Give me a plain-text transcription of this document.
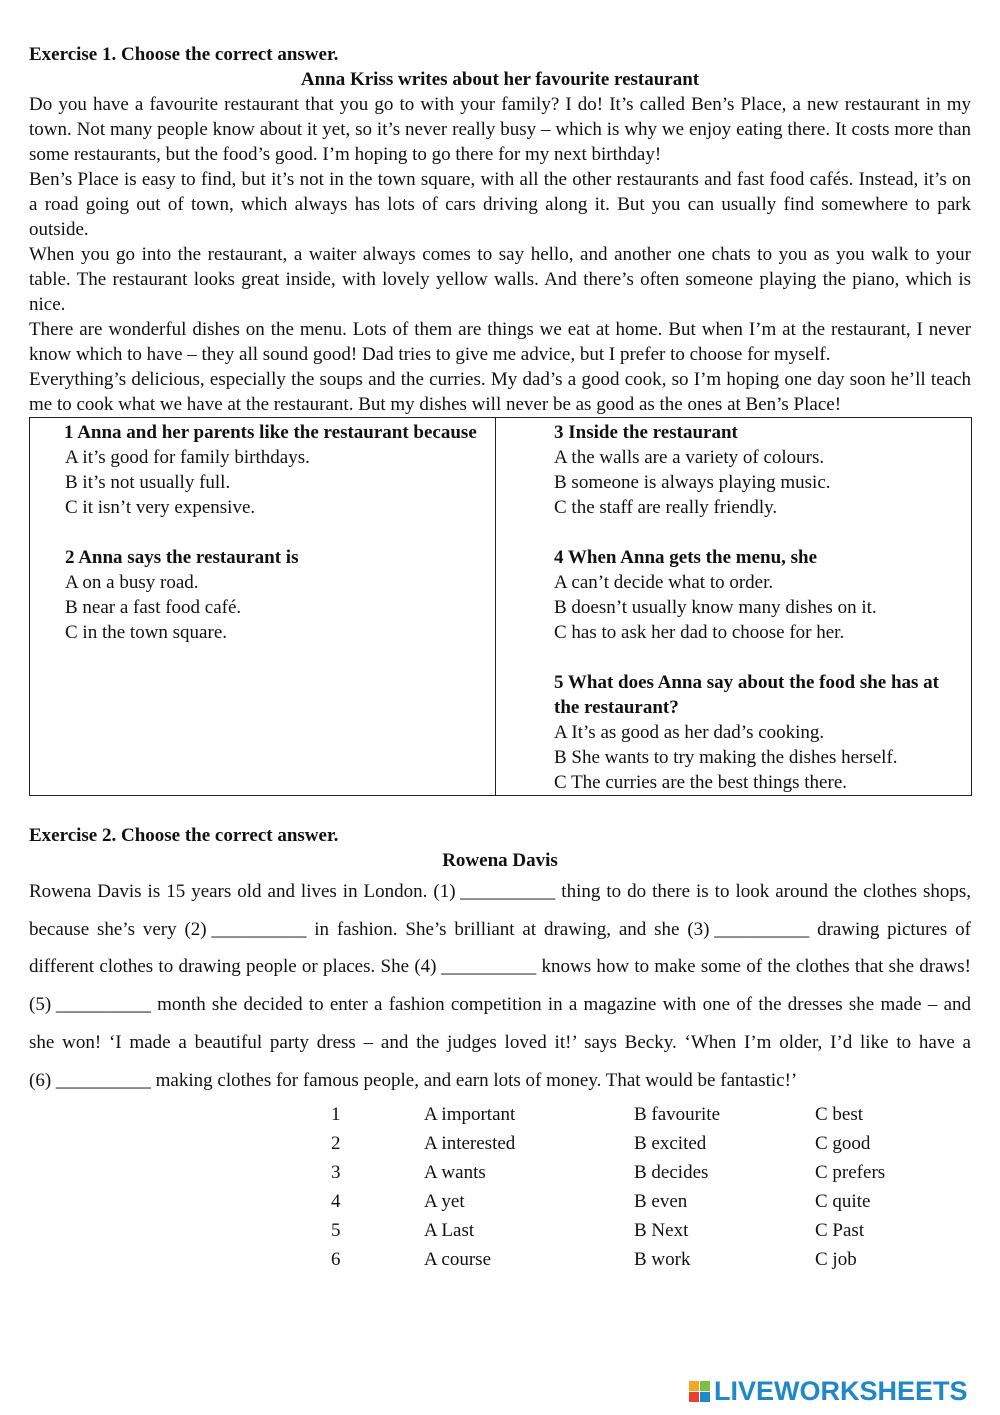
Exercise 1. Choose the correct answer.
Anna Kriss writes about her favourite restaurant

Do you have a favourite restaurant that you go to with your family? I do! It’s called Ben’s Place, a new restaurant in my town. Not many people know about it yet, so it’s never really busy – which is why we enjoy eating there. It costs more than some restaurants, but the food’s good. I’m hoping to go there for my next birthday!

Ben’s Place is easy to find, but it’s not in the town square, with all the other restaurants and fast food cafés. Instead, it’s on a road going out of town, which always has lots of cars driving along it. But you can usually find somewhere to park outside.

When you go into the restaurant, a waiter always comes to say hello, and another one chats to you as you walk to your table. The restaurant looks great inside, with lovely yellow walls. And there’s often someone playing the piano, which is nice.

There are wonderful dishes on the menu. Lots of them are things we eat at home. But when I’m at the restaurant, I never know which to have – they all sound good! Dad tries to give me advice, but I prefer to choose for myself.

Everything’s delicious, especially the soups and the curries. My dad’s a good cook, so I’m hoping one day soon he’ll teach me to cook what we have at the restaurant. But my dishes will never be as good as the ones at Ben’s Place!

1 Anna and her parents like the restaurant because
A it’s good for family birthdays.
B it’s not usually full.
C it isn’t very expensive.
2 Anna says the restaurant is
A on a busy road.
B near a fast food café.
C in the town square.

3 Inside the restaurant
A the walls are a variety of colours.
B someone is always playing music.
C the staff are really friendly.
4 When Anna gets the menu, she
A can’t decide what to order.
B doesn’t usually know many dishes on it.
C has to ask her dad to choose for her.
5 What does Anna say about the food she has at the restaurant?
A It’s as good as her dad’s cooking.
B She wants to try making the dishes herself.
C The curries are the best things there.
Exercise 2. Choose the correct answer.
Rowena Davis

Rowena Davis is 15 years old and lives in London. (1) __________ thing to do there is to look around the clothes shops, because she’s very (2) __________ in fashion. She’s brilliant at drawing, and she (3) __________ drawing pictures of different clothes to drawing people or places. She (4) __________ knows how to make some of the clothes that she draws! (5) __________ month she decided to enter a fashion competition in a magazine with one of the dresses she made – and she won! ‘I made a beautiful party dress – and the judges loved it!’ says Becky. ‘When I’m older, I’d like to have a (6) __________ making clothes for famous people, and earn lots of money. That would be fantastic!’

1	A important	B favourite	C best
2	A interested	B excited	C good
3	A wants	B decides	C prefers
4	A yet	B even	C quite
5	A Last	B Next	C Past
6	A course	B work	C job
LIVEWORKSHEETS
